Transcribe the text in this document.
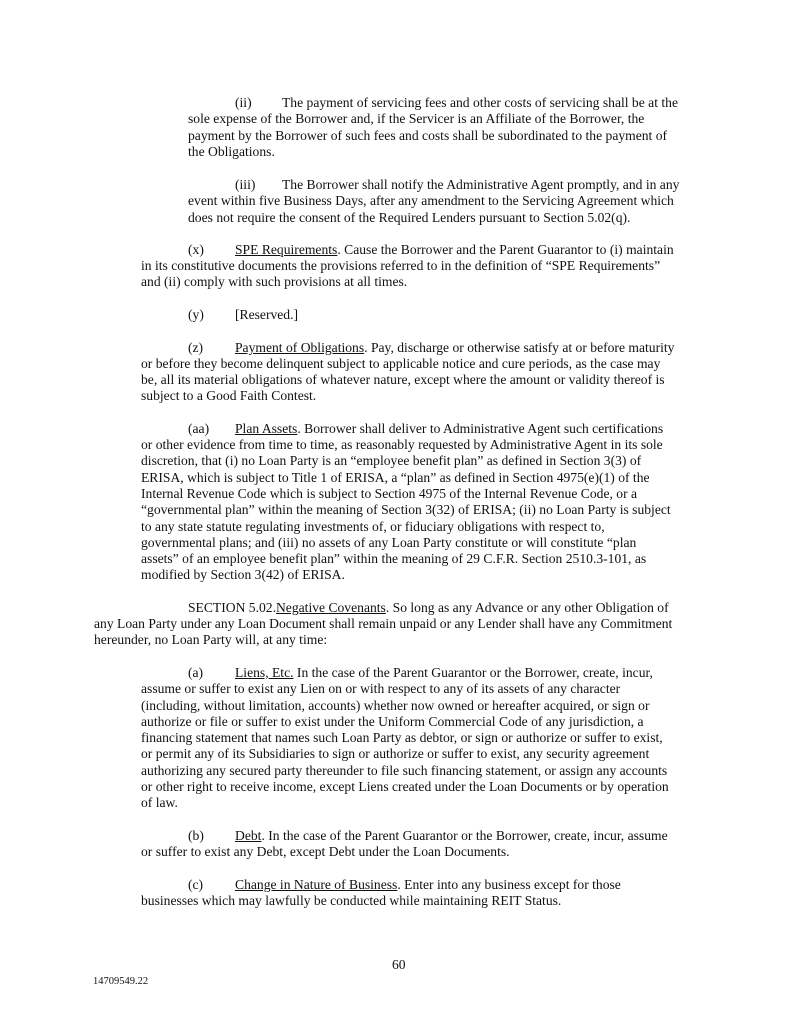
(ii) The payment of servicing fees and other costs of servicing shall be at the
sole expense of the Borrower and, if the Servicer is an Affiliate of the Borrower, the
payment by the Borrower of such fees and costs shall be subordinated to the payment of
the Obligations.
(iii) The Borrower shall notify the Administrative Agent promptly, and in any
event within five Business Days, after any amendment to the Servicing Agreement which
does not require the consent of the Required Lenders pursuant to Section 5.02(q).
(x) SPE Requirements. Cause the Borrower and the Parent Guarantor to (i) maintain
in its constitutive documents the provisions referred to in the definition of “SPE Requirements”
and (ii) comply with such provisions at all times.
(y) [Reserved.]
(z) Payment of Obligations. Pay, discharge or otherwise satisfy at or before maturity
or before they become delinquent subject to applicable notice and cure periods, as the case may
be, all its material obligations of whatever nature, except where the amount or validity thereof is
subject to a Good Faith Contest.
(aa) Plan Assets. Borrower shall deliver to Administrative Agent such certifications
or other evidence from time to time, as reasonably requested by Administrative Agent in its sole
discretion, that (i) no Loan Party is an “employee benefit plan” as defined in Section 3(3) of
ERISA, which is subject to Title 1 of ERISA, a “plan” as defined in Section 4975(e)(1) of the
Internal Revenue Code which is subject to Section 4975 of the Internal Revenue Code, or a
“governmental plan” within the meaning of Section 3(32) of ERISA; (ii) no Loan Party is subject
to any state statute regulating investments of, or fiduciary obligations with respect to,
governmental plans; and (iii) no assets of any Loan Party constitute or will constitute “plan
assets” of an employee benefit plan” within the meaning of 29 C.F.R. Section 2510.3-101, as
modified by Section 3(42) of ERISA.
SECTION 5.02.Negative Covenants. So long as any Advance or any other Obligation of
any Loan Party under any Loan Document shall remain unpaid or any Lender shall have any Commitment
hereunder, no Loan Party will, at any time:
(a) Liens, Etc. In the case of the Parent Guarantor or the Borrower, create, incur,
assume or suffer to exist any Lien on or with respect to any of its assets of any character
(including, without limitation, accounts) whether now owned or hereafter acquired, or sign or
authorize or file or suffer to exist under the Uniform Commercial Code of any jurisdiction, a
financing statement that names such Loan Party as debtor, or sign or authorize or suffer to exist,
or permit any of its Subsidiaries to sign or authorize or suffer to exist, any security agreement
authorizing any secured party thereunder to file such financing statement, or assign any accounts
or other right to receive income, except Liens created under the Loan Documents or by operation
of law.
(b) Debt. In the case of the Parent Guarantor or the Borrower, create, incur, assume
or suffer to exist any Debt, except Debt under the Loan Documents.
(c) Change in Nature of Business. Enter into any business except for those
businesses which may lawfully be conducted while maintaining REIT Status.
60
14709549.22
